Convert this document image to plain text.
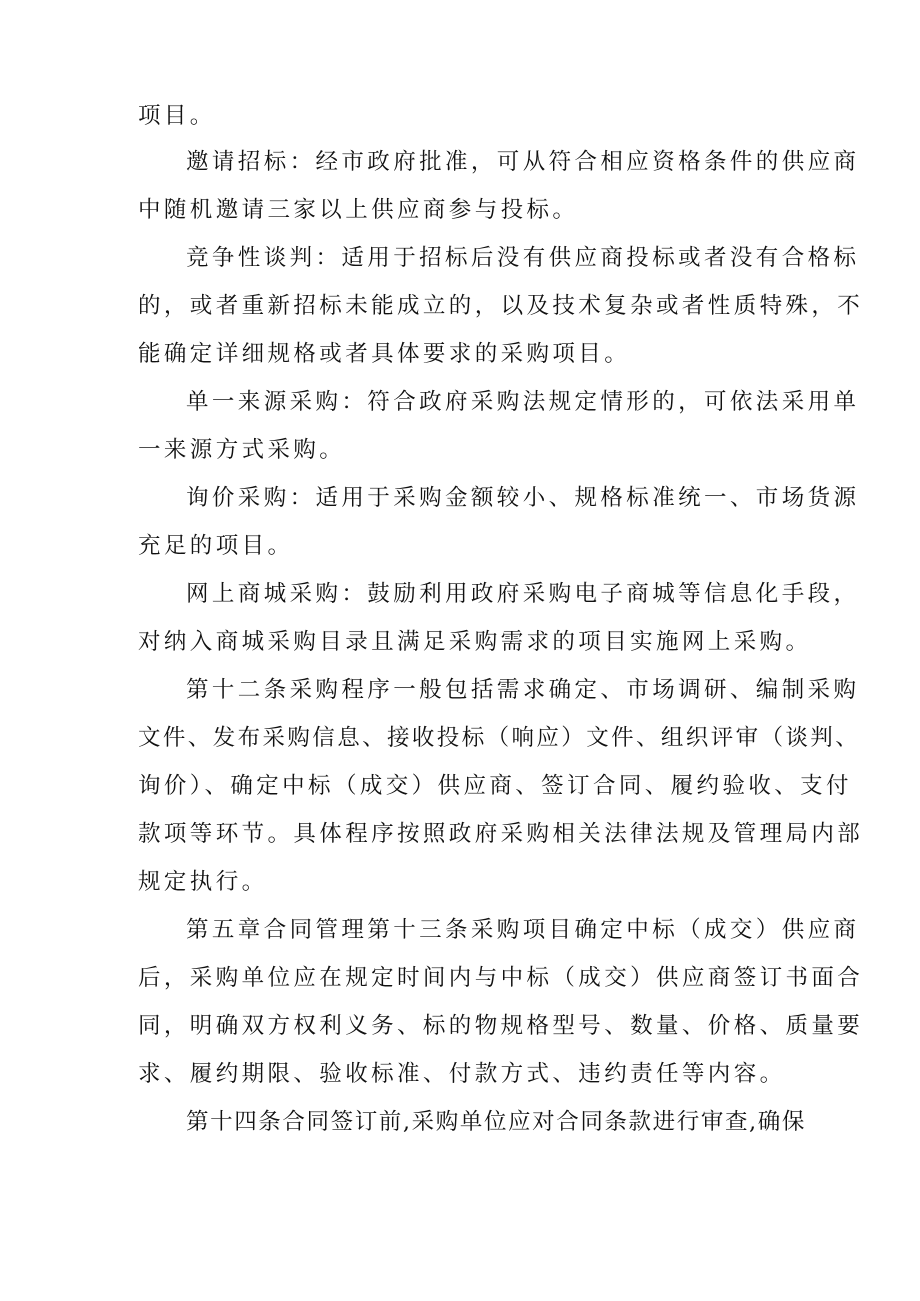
项目。
邀请招标：经市政府批准，可从符合相应资格条件的供应商
中随机邀请三家以上供应商参与投标。
竞争性谈判：适用于招标后没有供应商投标或者没有合格标
的，或者重新招标未能成立的，以及技术复杂或者性质特殊，不
能确定详细规格或者具体要求的采购项目。
单一来源采购：符合政府采购法规定情形的，可依法采用单
一来源方式采购。
询价采购：适用于采购金额较小、规格标准统一、市场货源
充足的项目。
网上商城采购：鼓励利用政府采购电子商城等信息化手段，
对纳入商城采购目录且满足采购需求的项目实施网上采购。
第十二条采购程序一般包括需求确定、市场调研、编制采购
文件、发布采购信息、接收投标（响应）文件、组织评审（谈判、
询价）、确定中标（成交）供应商、签订合同、履约验收、支付
款项等环节。具体程序按照政府采购相关法律法规及管理局内部
规定执行。
第五章合同管理第十三条采购项目确定中标（成交）供应商
后，采购单位应在规定时间内与中标（成交）供应商签订书面合
同，明确双方权利义务、标的物规格型号、数量、价格、质量要
求、履约期限、验收标准、付款方式、违约责任等内容。
第十四条合同签订前,采购单位应对合同条款进行审查,确保
